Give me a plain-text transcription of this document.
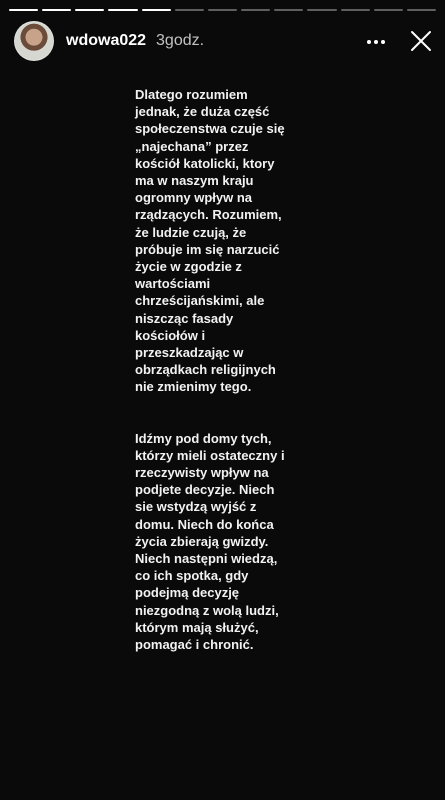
wdowa022 3godz.

Dlatego rozumiem jednak, że duża część społeczenstwa czuje się „najechana” przez kościół katolicki, ktory ma w naszym kraju ogromny wpływ na rządzących. Rozumiem, że ludzie czują, że próbuje im się narzucić życie w zgodzie z wartościami chrześcijańskimi, ale niszcząc fasady kościołów i przeszkadzając w obrządkach religijnych nie zmienimy tego.

Idźmy pod domy tych, którzy mieli ostateczny i rzeczywisty wpływ na podjete decyzje. Niech sie wstydzą wyjść z domu. Niech do końca życia zbierają gwizdy. Niech następni wiedzą, co ich spotka, gdy podejmą decyzję niezgodną z wolą ludzi, którym mają służyć, pomagać i chronić.
